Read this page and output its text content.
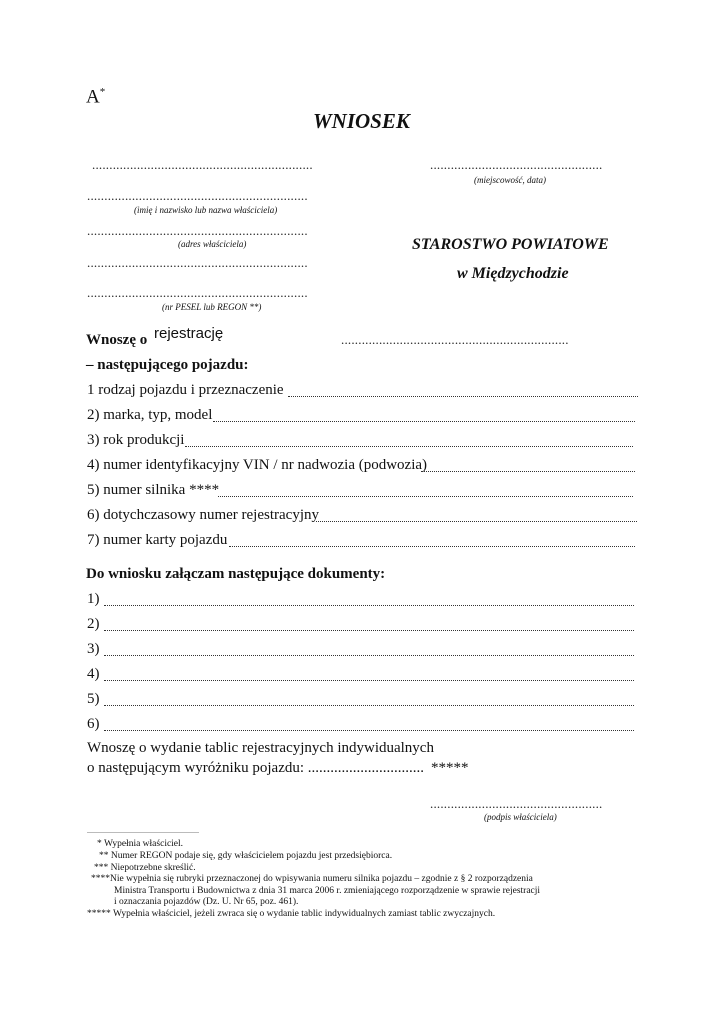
A*
WNIOSEK
................................................................
................................................................
(imię i nazwisko lub nazwa właściciela)
................................................................
(adres właściciela)
................................................................
................................................................
(nr PESEL lub REGON **)
..................................................
(miejscowość, data)
STAROSTWO POWIATOWE
w Międzychodzie
Wnoszę o rejestrację	..................................................................
– następującego pojazdu:
1 rodzaj pojazdu i przeznaczenie
2) marka, typ, model
3) rok produkcji
4) numer identyfikacyjny VIN / nr nadwozia (podwozia)
5) numer silnika ****
6) dotychczasowy numer rejestracyjny
7) numer karty pojazdu
Do wniosku załączam następujące dokumenty:
1)
2)
3)
4)
5)
6)
Wnoszę o wydanie tablic rejestracyjnych indywidualnych
o następującym wyróżniku pojazdu: ............................... *****
..................................................
(podpis właściciela)
* Wypełnia właściciel.
** Numer REGON podaje się, gdy właścicielem pojazdu jest przedsiębiorca.
*** Niepotrzebne skreślić.
****Nie wypełnia się rubryki przeznaczonej do wpisywania numeru silnika pojazdu – zgodnie z § 2 rozporządzenia
Ministra Transportu i Budownictwa z dnia 31 marca 2006 r. zmieniającego rozporządzenie w sprawie rejestracji
i oznaczania pojazdów (Dz. U. Nr 65, poz. 461).
***** Wypełnia właściciel, jeżeli zwraca się o wydanie tablic indywidualnych zamiast tablic zwyczajnych.
